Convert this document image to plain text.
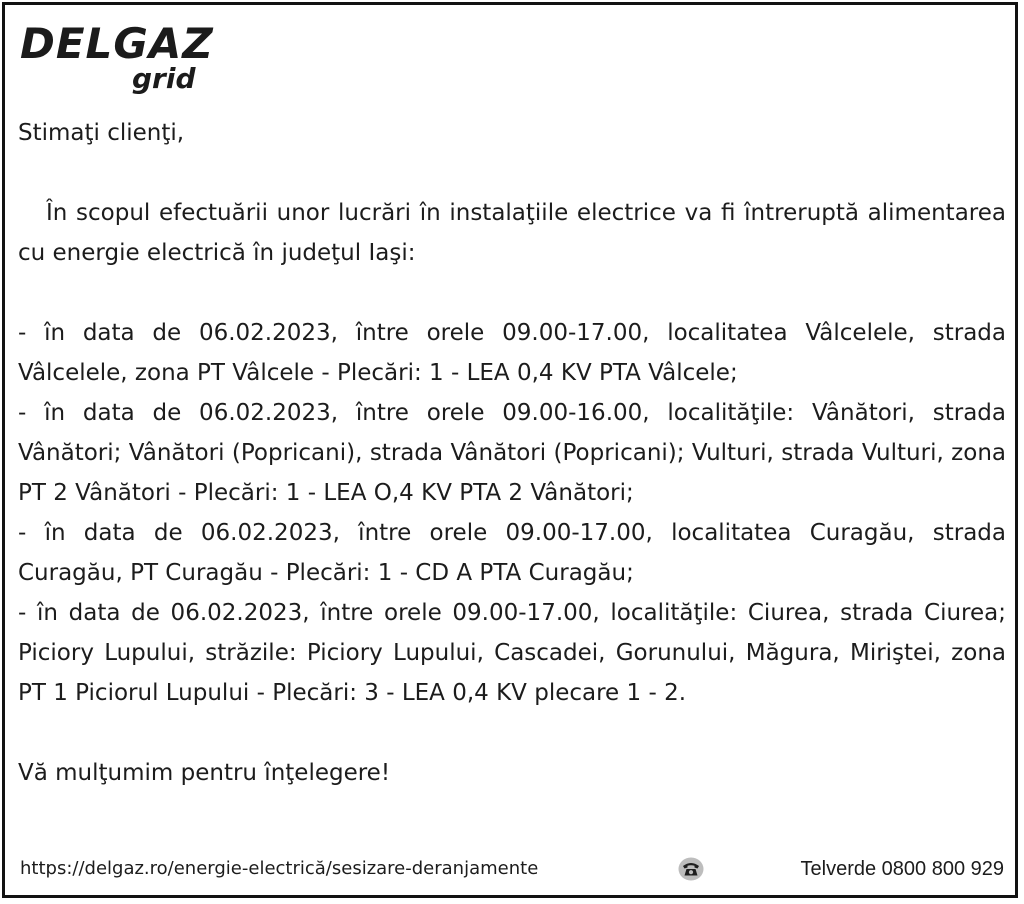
DELGAZ
grid

Stimaţi clienţi,

În scopul efectuării unor lucrări în instalaţiile electrice va fi întreruptă alimentarea cu energie electrică în judeţul Iaşi:

- în data de 06.02.2023, între orele 09.00-17.00, localitatea Vâlcelele, strada Vâlcelele, zona PT Vâlcele - Plecări: 1 - LEA 0,4 KV PTA Vâlcele;

- în data de 06.02.2023, între orele 09.00-16.00, localităţile: Vânători, strada Vânători; Vânători (Popricani), strada Vânători (Popricani); Vulturi, strada Vulturi, zona PT 2 Vânători - Plecări: 1 - LEA O,4 KV PTA 2 Vânători;

- în data de 06.02.2023, între orele 09.00-17.00, localitatea Curagău, strada Curagău, PT Curagău - Plecări: 1 - CD A PTA Curagău;

- în data de 06.02.2023, între orele 09.00-17.00, localităţile: Ciurea, strada Ciurea; Piciorу Lupului, străzile: Piciorу Lupului, Cascadei, Gorunului, Măgura, Mirişteі, zona PT 1 Piciorul Lupului - Plecări: 3 - LEA 0,4 KV plecare 1 - 2.

Vă mulţumim pentru înţelegere!

https://delgaz.ro/energie-electrică/sesizare-deranjamente	Telverde 0800 800 929
